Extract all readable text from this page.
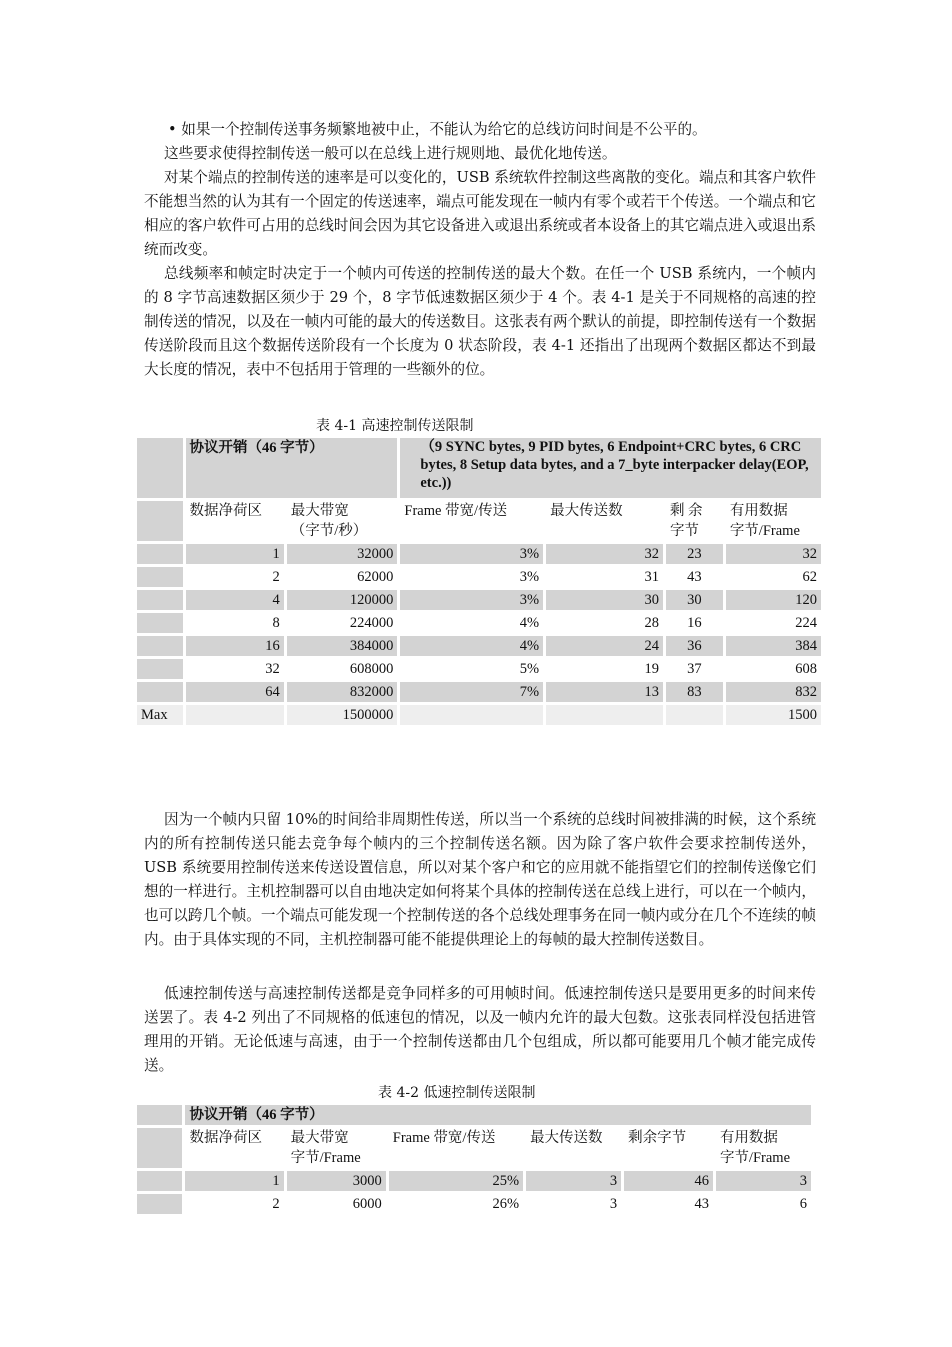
• 如果一个控制传送事务频繁地被中止，不能认为给它的总线访问时间是不公平的。

这些要求使得控制传送一般可以在总线上进行规则地、最优化地传送。

对某个端点的控制传送的速率是可以变化的，USB 系统软件控制这些离散的变化。端点和其客户软件不能想当然的认为其有一个固定的传送速率，端点可能发现在一帧内有零个或若干个传送。一个端点和它相应的客户软件可占用的总线时间会因为其它设备进入或退出系统或者本设备上的其它端点进入或退出系统而改变。

总线频率和帧定时决定于一个帧内可传送的控制传送的最大个数。在任一个 USB 系统内，一个帧内的 8 字节高速数据区须少于 29 个，8 字节低速数据区须少于 4 个。表 4-1 是关于不同规格的高速的控制传送的情况，以及在一帧内可能的最大的传送数目。这张表有两个默认的前提，即控制传送有一个数据传送阶段而且这个数据传送阶段有一个长度为 0 状态阶段，表 4-1 还指出了出现两个数据区都达不到最大长度的情况，表中不包括用于管理的一些额外的位。

表 4-1 高速控制传送限制

	协议开销（46 字节）		（9 SYNC bytes, 9 PID bytes, 6 Endpoint+CRC bytes, 6 CRC bytes, 8 Setup data bytes, and a 7_byte interpacker delay(EOP, etc.))			
	数据净荷区	最大带宽
（字节/秒）	Frame 带宽/传送	最大传送数	剩 余
字节	有用数据
字节/Frame
	1	32000	3%	32	23	32
	2	62000	3%	31	43	62
	4	120000	3%	30	30	120
	8	224000	4%	28	16	224
	16	384000	4%	24	36	384
	32	608000	5%	19	37	608
	64	832000	7%	13	83	832
Max		1500000				1500

因为一个帧内只留 10%的时间给非周期性传送，所以当一个系统的总线时间被排满的时候，这个系统内的所有控制传送只能去竞争每个帧内的三个控制传送名额。因为除了客户软件会要求控制传送外，USB 系统要用控制传送来传送设置信息，所以对某个客户和它的应用就不能指望它们的控制传送像它们想的一样进行。主机控制器可以自由地决定如何将某个具体的控制传送在总线上进行，可以在一个帧内，也可以跨几个帧。一个端点可能发现一个控制传送的各个总线处理事务在同一帧内或分在几个不连续的帧内。由于具体实现的不同，主机控制器可能不能提供理论上的每帧的最大控制传送数目。

低速控制传送与高速控制传送都是竞争同样多的可用帧时间。低速控制传送只是要用更多的时间来传送罢了。表 4-2 列出了不同规格的低速包的情况，以及一帧内允许的最大包数。这张表同样没包括进管理用的开销。无论低速与高速，由于一个控制传送都由几个包组成，所以都可能要用几个帧才能完成传送。

表 4-2 低速控制传送限制

	协议开销（46 字节）					
	数据净荷区	最大带宽
字节/Frame	Frame 带宽/传送	最大传送数	剩余字节	有用数据
字节/Frame
	1	3000	25%	3	46	3
	2	6000	26%	3	43	6
